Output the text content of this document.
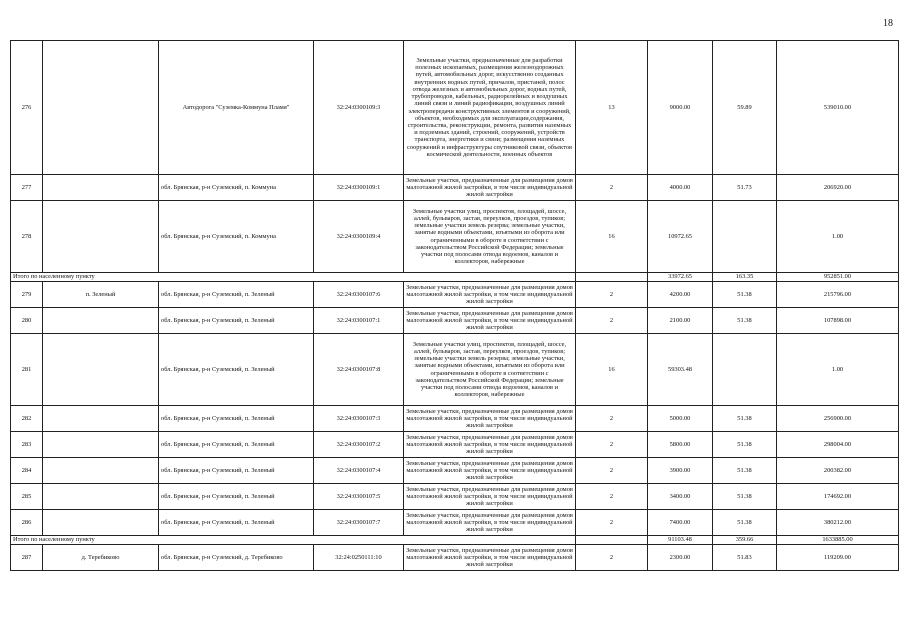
18
276		Автодорога "Суземка-Коммуна Пламя"	32:24:0300109:3	Земельные участки, предназначенные для разработки полезных ископаемых, размещения железнодорожных путей, автомобильных дорог, искусственно созданных внутренних водных путей, причалов, пристаней, полос отвода железных и автомобильных дорог, водных путей, трубопроводов, кабельных, радиорелейных и воздушных линий связи и линий радиофикации, воздушных линий электропередачи конструктивных элементов и сооружений, объектов, необходимых для эксплуатации,содержания, строительства, реконструкции, ремонта, развития наземных и подземных зданий, строений, сооружений, устройств транспорта, энергетики и связи; размещения наземных сооружений и инфраструктуры спутниковой связи, объектов космической деятельности, военных объектов	13	9000.00	59.89	539010.00
277		обл. Брянская, р-н Суземский, п. Коммуна	32:24:0300109:1	Земельные участки, предназначенные для размещения домов малоэтажной жилой застройки, в том числе индивидуальной жилой застройки	2	4000.00	51.73	206920.00
278		обл. Брянская, р-н Суземский, п. Коммуна	32:24:0300109:4	Земельные участки улиц, проспектов, площадей, шоссе, аллей, бульваров, застав, переулков, проездов, тупиков; земельные участки земель резерва; земельные участки, занятые водными объектами, изъятыми из оборота или ограниченными в обороте в соответствии с законодательством Российской Федерации; земельные участки под полосами отвода водоемов, каналов и коллекторов, набережные	16	10972.65		1.00
Итого по населенному пункту						33972.65	163.35	952851.00
279	п. Зеленый	обл. Брянская, р-н Суземский, п. Зеленый	32:24:0300107:6	Земельные участки, предназначенные для размещения домов малоэтажной жилой застройки, в том числе индивидуальной жилой застройки	2	4200.00	51.38	215796.00
280		обл. Брянская, р-н Суземский, п. Зеленый	32:24:0300107:1	Земельные участки, предназначенные для размещения домов малоэтажной жилой застройки, в том числе индивидуальной жилой застройки	2	2100.00	51.38	107898.00
281		обл. Брянская, р-н Суземский, п. Зеленый	32:24:0300107:8	Земельные участки улиц, проспектов, площадей, шоссе, аллей, бульваров, застав, переулков, проездов, тупиков; земельные участки земель резерва; земельные участки, занятые водными объектами, изъятыми из оборота или ограниченными в обороте в соответствии с законодательством Российской Федерации; земельные участки под полосами отвода водоемов, каналов и коллекторов, набережные	16	59303.48		1.00
282		обл. Брянская, р-н Суземский, п. Зеленый	32:24:0300107:3	Земельные участки, предназначенные для размещения домов малоэтажной жилой застройки, в том числе индивидуальной жилой застройки	2	5000.00	51.38	256900.00
283		обл. Брянская, р-н Суземский, п. Зеленый	32:24:0300107:2	Земельные участки, предназначенные для размещения домов малоэтажной жилой застройки, в том числе индивидуальной жилой застройки	2	5800.00	51.38	298004.00
284		обл. Брянская, р-н Суземский, п. Зеленый	32:24:0300107:4	Земельные участки, предназначенные для размещения домов малоэтажной жилой застройки, в том числе индивидуальной жилой застройки	2	3900.00	51.38	200382.00
285		обл. Брянская, р-н Суземский, п. Зеленый	32:24:0300107:5	Земельные участки, предназначенные для размещения домов малоэтажной жилой застройки, в том числе индивидуальной жилой застройки	2	3400.00	51.38	174692.00
286		обл. Брянская, р-н Суземский, п. Зеленый	32:24:0300107:7	Земельные участки, предназначенные для размещения домов малоэтажной жилой застройки, в том числе индивидуальной жилой застройки	2	7400.00	51.38	380212.00
Итого по населенному пункту						91103.48	359.66	1633885.00
287	д. Теребиково	обл. Брянская, р-н Суземский, д. Теребиково	32:24:0250111:10	Земельные участки, предназначенные для размещения домов малоэтажной жилой застройки, в том числе индивидуальной жилой застройки	2	2300.00	51.83	119209.00
